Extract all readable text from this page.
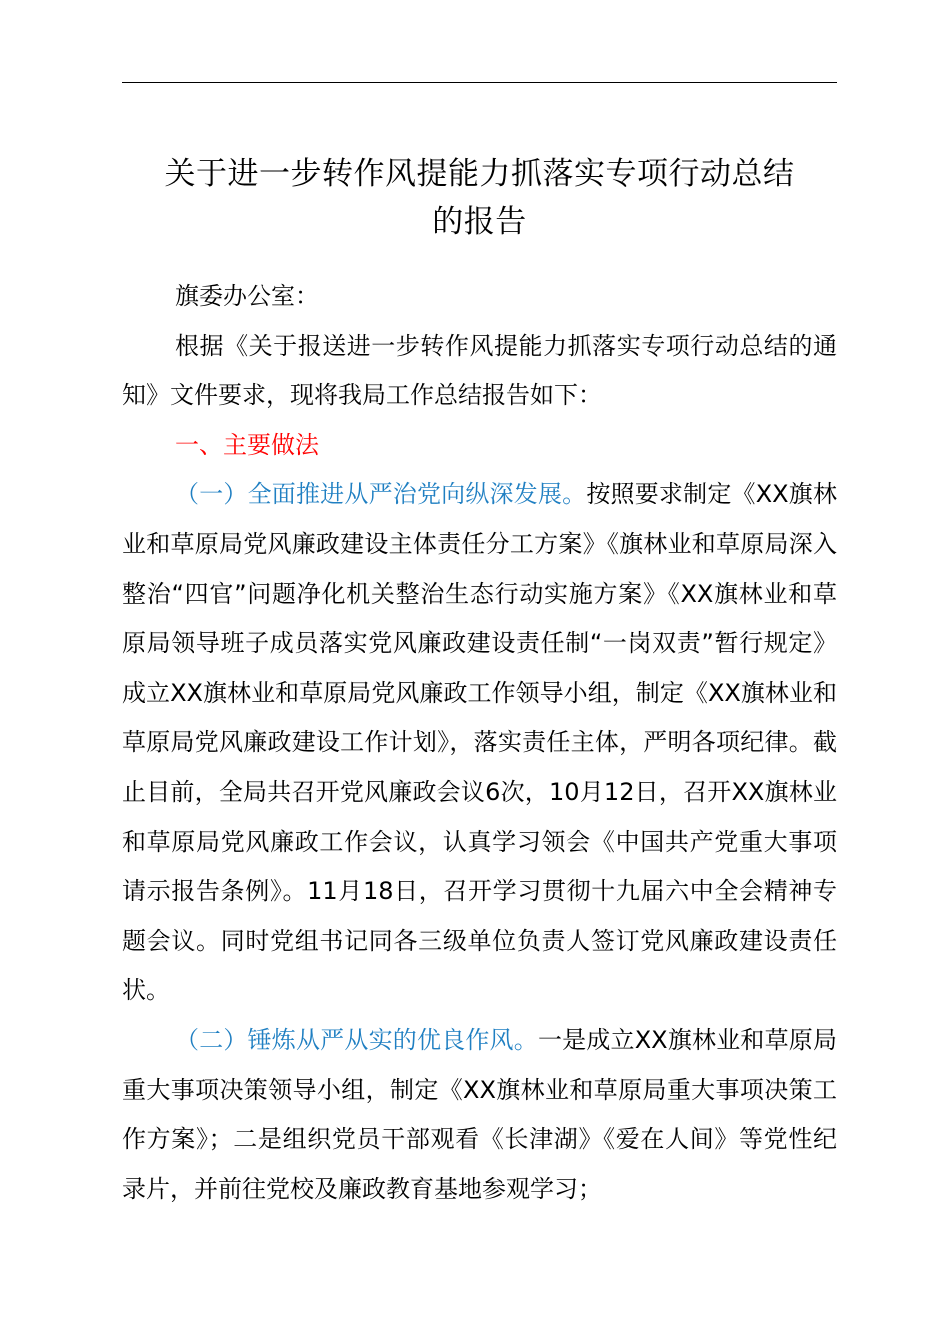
关于进一步转作风提能力抓落实专项行动总结
的报告

旗委办公室：

根据《关于报送进一步转作风提能力抓落实专项行动总结的通知》文件要求，现将我局工作总结报告如下：

一、主要做法

（一）全面推进从严治党向纵深发展。按照要求制定《XX旗林业和草原局党风廉政建设主体责任分工方案》《旗林业和草原局深入整治“四官”问题净化机关整治生态行动实施方案》《XX旗林业和草原局领导班子成员落实党风廉政建设责任制“一岗双责”暂行规定》成立XX旗林业和草原局党风廉政工作领导小组，制定《XX旗林业和草原局党风廉政建设工作计划》，落实责任主体，严明各项纪律。截止目前，全局共召开党风廉政会议6次，10月12日，召开XX旗林业和草原局党风廉政工作会议，认真学习领会《中国共产党重大事项请示报告条例》。11月18日，召开学习贯彻十九届六中全会精神专题会议。同时党组书记同各三级单位负责人签订党风廉政建设责任状。

（二）锤炼从严从实的优良作风。一是成立XX旗林业和草原局重大事项决策领导小组，制定《XX旗林业和草原局重大事项决策工作方案》；二是组织党员干部观看《长津湖》《爱在人间》等党性纪录片，并前往党校及廉政教育基地参观学习；
